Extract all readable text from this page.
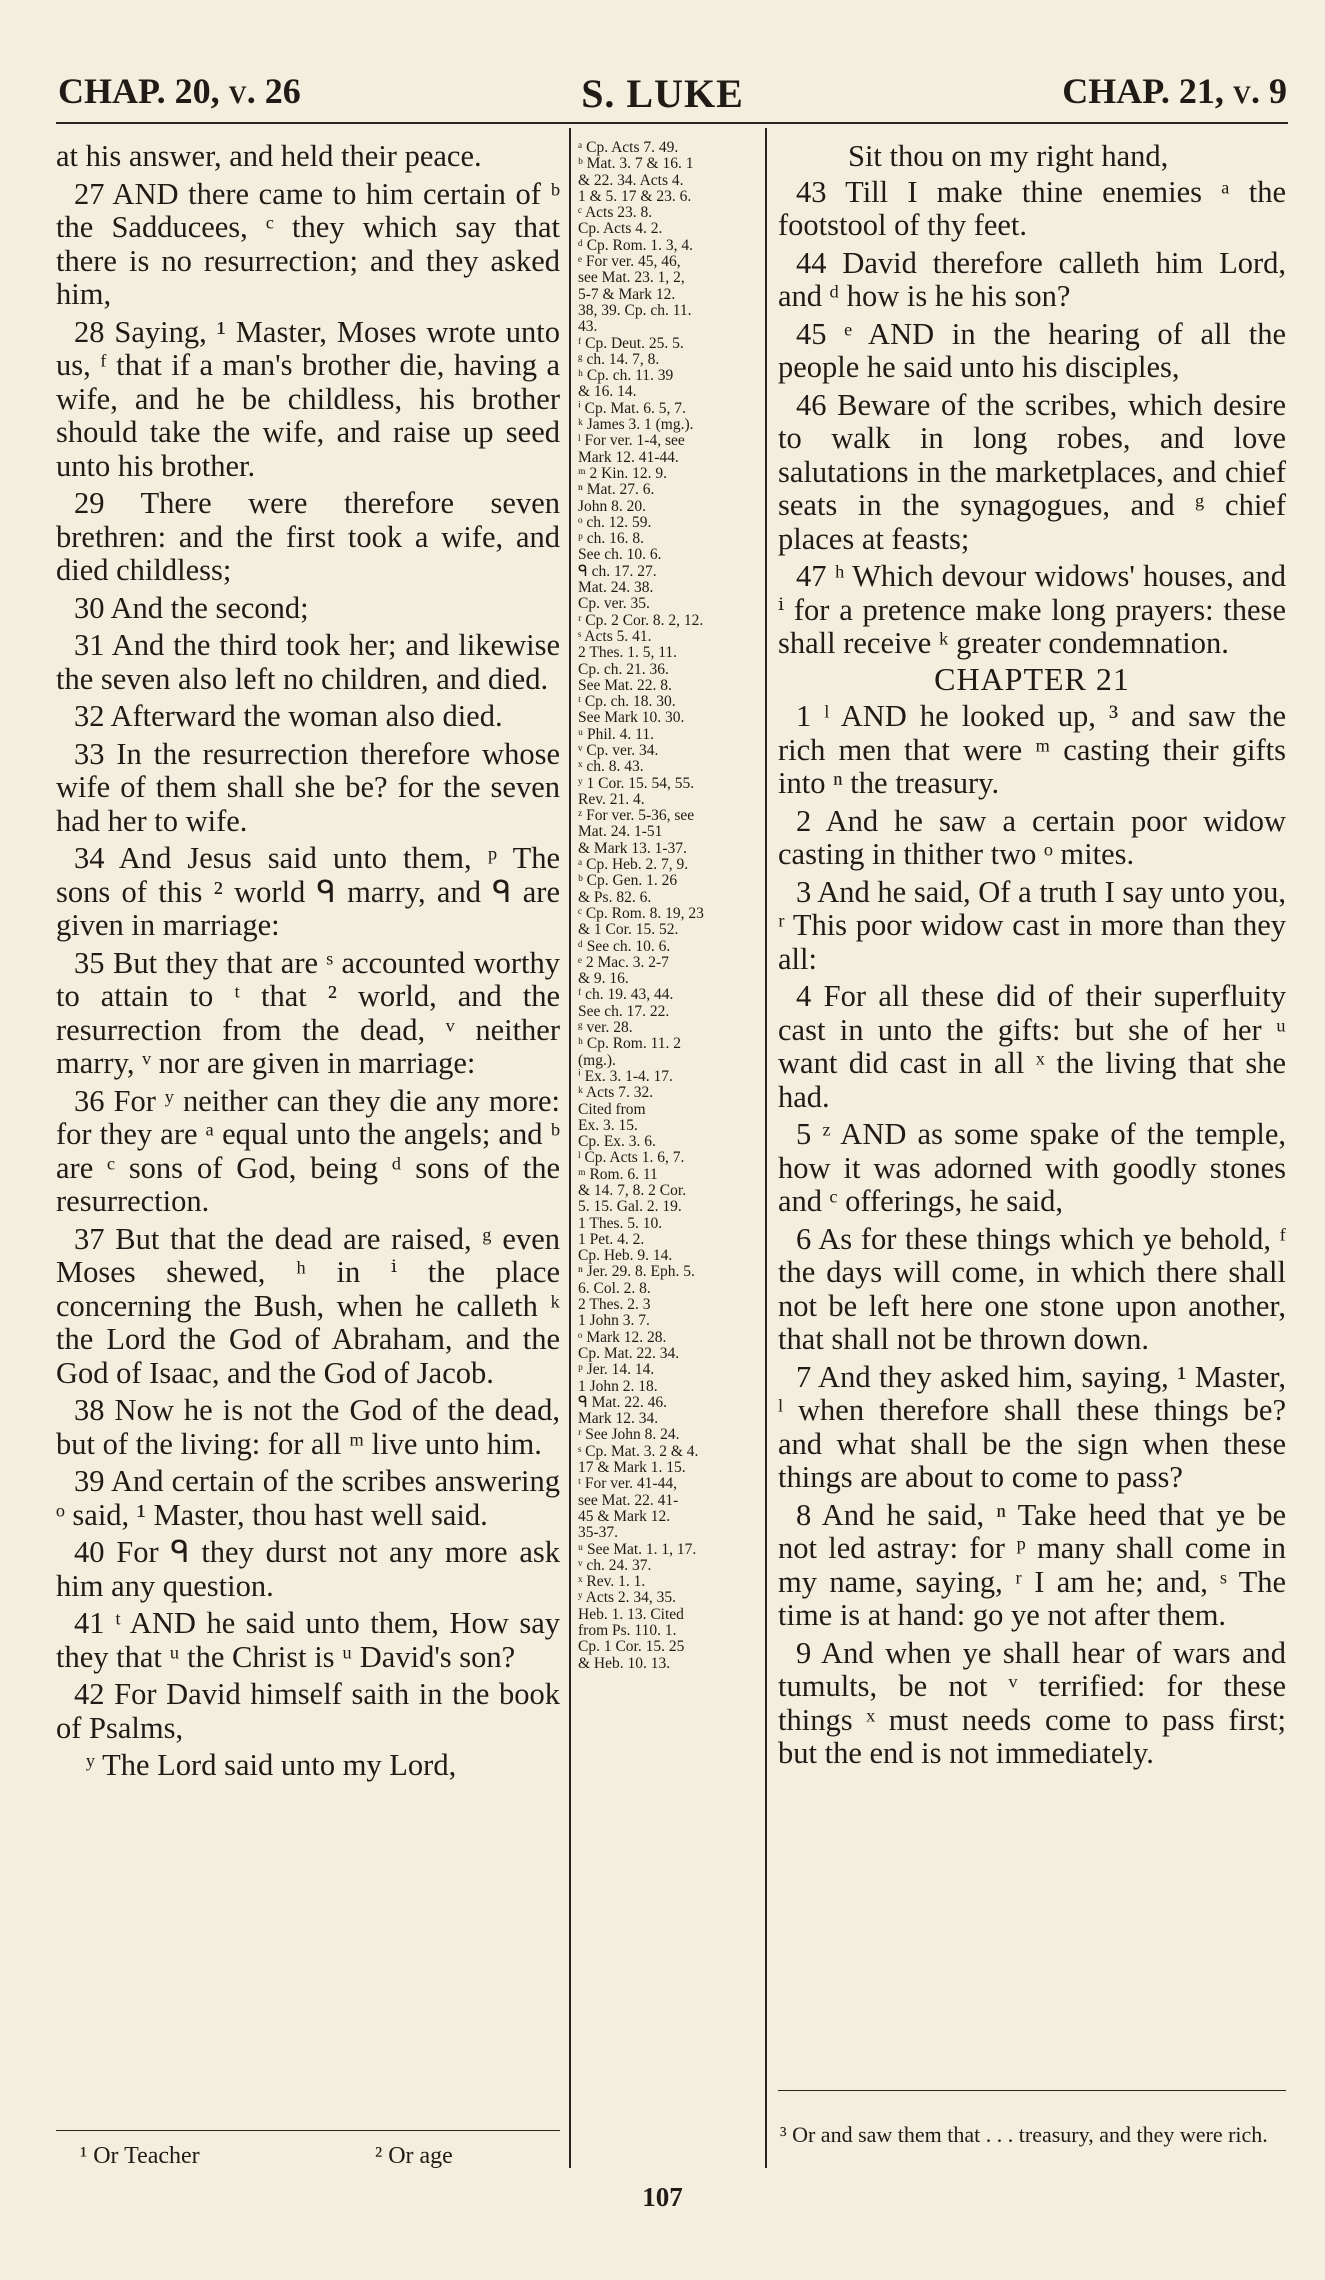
CHAP. 20, v. 26	S. LUKE	CHAP. 21, v. 9

at his answer, and held their peace.

27 AND there came to him certain of ᵇ the Sadducees, ᶜ they which say that there is no resurrection; and they asked him,

28 Saying, ¹ Master, Moses wrote unto us, ᶠ that if a man's brother die, having a wife, and he be childless, his brother should take the wife, and raise up seed unto his brother.

29 There were therefore seven brethren: and the first took a wife, and died childless;

30 And the second;

31 And the third took her; and likewise the seven also left no children, and died.

32 Afterward the woman also died.

33 In the resurrection therefore whose wife of them shall she be? for the seven had her to wife.

34 And Jesus said unto them, ᵖ The sons of this ² world ᑫ marry, and ᑫ are given in marriage:

35 But they that are ˢ accounted worthy to attain to ᵗ that ² world, and the resurrection from the dead, ᵛ neither marry, ᵛ nor are given in marriage:

36 For ʸ neither can they die any more: for they are ᵃ equal unto the angels; and ᵇ are ᶜ sons of God, being ᵈ sons of the resurrection.

37 But that the dead are raised, ᵍ even Moses shewed, ʰ in ⁱ the place concerning the Bush, when he calleth ᵏ the Lord the God of Abraham, and the God of Isaac, and the God of Jacob.

38 Now he is not the God of the dead, but of the living: for all ᵐ live unto him.

39 And certain of the scribes answering ᵒ said, ¹ Master, thou hast well said.

40 For ᑫ they durst not any more ask him any question.

41 ᵗ AND he said unto them, How say they that ᵘ the Christ is ᵘ David's son?

42 For David himself saith in the book of Psalms,

ʸ The Lord said unto my Lord,

ᵃ Cp. Acts 7. 49.
ᵇ Mat. 3. 7 & 16. 1
& 22. 34. Acts 4.
1 & 5. 17 & 23. 6.
ᶜ Acts 23. 8.
Cp. Acts 4. 2.
ᵈ Cp. Rom. 1. 3, 4.
ᵉ For ver. 45, 46,
see Mat. 23. 1, 2,
5-7 & Mark 12.
38, 39. Cp. ch. 11.
43.
ᶠ Cp. Deut. 25. 5.
ᵍ ch. 14. 7, 8.
ʰ Cp. ch. 11. 39
& 16. 14.
ⁱ Cp. Mat. 6. 5, 7.
ᵏ James 3. 1 (mg.).
ˡ For ver. 1-4, see
Mark 12. 41-44.
ᵐ 2 Kin. 12. 9.
ⁿ Mat. 27. 6.
John 8. 20.
ᵒ ch. 12. 59.
ᵖ ch. 16. 8.
See ch. 10. 6.
ᑫ ch. 17. 27.
Mat. 24. 38.
Cp. ver. 35.
ʳ Cp. 2 Cor. 8. 2, 12.
ˢ Acts 5. 41.
2 Thes. 1. 5, 11.
Cp. ch. 21. 36.
See Mat. 22. 8.
ᵗ Cp. ch. 18. 30.
See Mark 10. 30.
ᵘ Phil. 4. 11.
ᵛ Cp. ver. 34.
ˣ ch. 8. 43.
ʸ 1 Cor. 15. 54, 55.
Rev. 21. 4.
ᶻ For ver. 5-36, see
Mat. 24. 1-51
& Mark 13. 1-37.
ᵃ Cp. Heb. 2. 7, 9.
ᵇ Cp. Gen. 1. 26
& Ps. 82. 6.
ᶜ Cp. Rom. 8. 19, 23
& 1 Cor. 15. 52.
ᵈ See ch. 10. 6.
ᵉ 2 Mac. 3. 2-7
& 9. 16.
ᶠ ch. 19. 43, 44.
See ch. 17. 22.
ᵍ ver. 28.
ʰ Cp. Rom. 11. 2
(mg.).
ⁱ Ex. 3. 1-4. 17.
ᵏ Acts 7. 32.
Cited from
Ex. 3. 15.
Cp. Ex. 3. 6.
ˡ Cp. Acts 1. 6, 7.
ᵐ Rom. 6. 11
& 14. 7, 8. 2 Cor.
5. 15. Gal. 2. 19.
1 Thes. 5. 10.
1 Pet. 4. 2.
Cp. Heb. 9. 14.
ⁿ Jer. 29. 8. Eph. 5.
6. Col. 2. 8.
2 Thes. 2. 3
1 John 3. 7.
ᵒ Mark 12. 28.
Cp. Mat. 22. 34.
ᵖ Jer. 14. 14.
1 John 2. 18.
ᑫ Mat. 22. 46.
Mark 12. 34.
ʳ See John 8. 24.
ˢ Cp. Mat. 3. 2 & 4.
17 & Mark 1. 15.
ᵗ For ver. 41-44,
see Mat. 22. 41-
45 & Mark 12.
35-37.
ᵘ See Mat. 1. 1, 17.
ᵛ ch. 24. 37.
ˣ Rev. 1. 1.
ʸ Acts 2. 34, 35.
Heb. 1. 13. Cited
from Ps. 110. 1.
Cp. 1 Cor. 15. 25
& Heb. 10. 13.

Sit thou on my right hand,

43 Till I make thine enemies ᵃ the footstool of thy feet.

44 David therefore calleth him Lord, and ᵈ how is he his son?

45 ᵉ AND in the hearing of all the people he said unto his disciples,

46 Beware of the scribes, which desire to walk in long robes, and love salutations in the marketplaces, and chief seats in the synagogues, and ᵍ chief places at feasts;

47 ʰ Which devour widows' houses, and ⁱ for a pretence make long prayers: these shall receive ᵏ greater condemnation.

CHAPTER 21

1 ˡ AND he looked up, ³ and saw the rich men that were ᵐ casting their gifts into ⁿ the treasury.

2 And he saw a certain poor widow casting in thither two ᵒ mites.

3 And he said, Of a truth I say unto you, ʳ This poor widow cast in more than they all:

4 For all these did of their superfluity cast in unto the gifts: but she of her ᵘ want did cast in all ˣ the living that she had.

5 ᶻ AND as some spake of the temple, how it was adorned with goodly stones and ᶜ offerings, he said,

6 As for these things which ye behold, ᶠ the days will come, in which there shall not be left here one stone upon another, that shall not be thrown down.

7 And they asked him, saying, ¹ Master, ˡ when therefore shall these things be? and what shall be the sign when these things are about to come to pass?

8 And he said, ⁿ Take heed that ye be not led astray: for ᵖ many shall come in my name, saying, ʳ I am he; and, ˢ The time is at hand: go ye not after them.

9 And when ye shall hear of wars and tumults, be not ᵛ terrified: for these things ˣ must needs come to pass first; but the end is not immediately.

¹ Or Teacher	² Or age
³ Or and saw them that . . . treasury, and they were rich.
107
